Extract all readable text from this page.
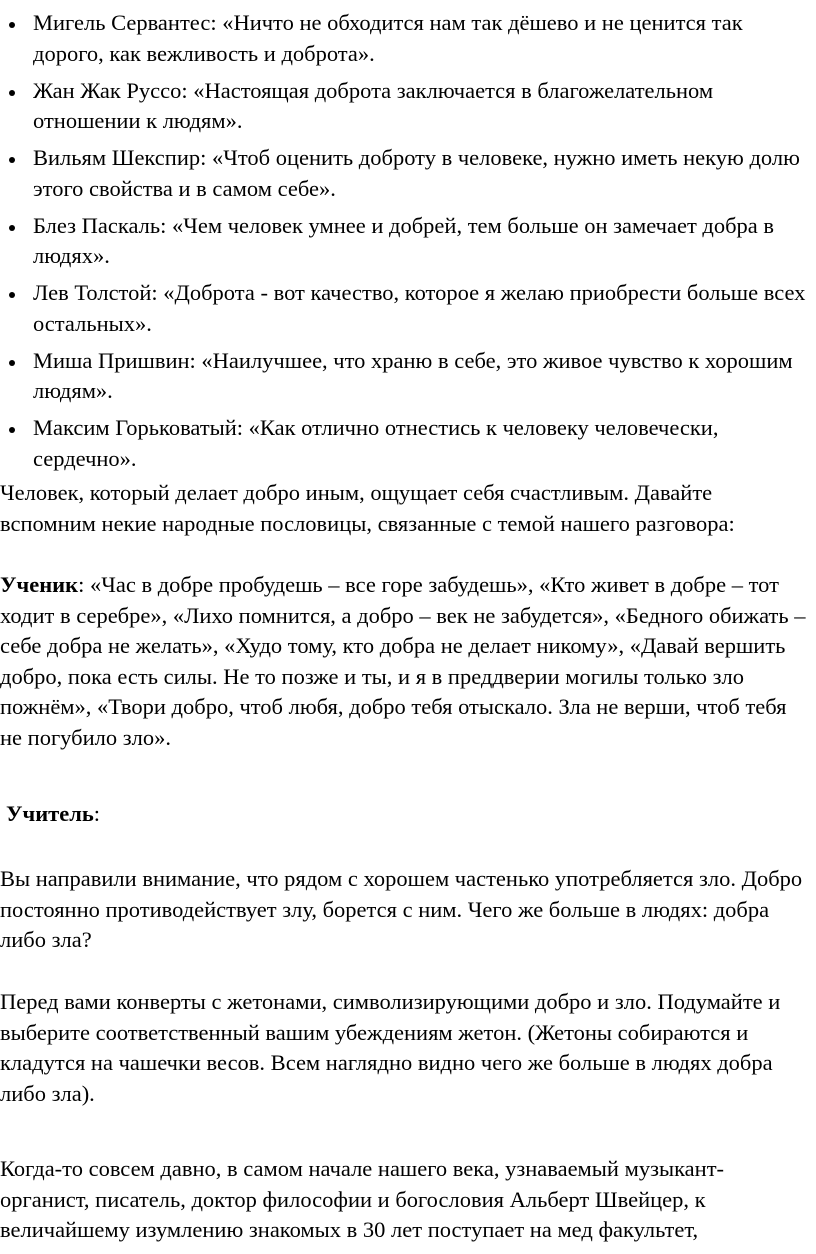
Мигель Сервантес: «Ничто не обходится нам так дёшево и не ценится так дорого, как вежливость и доброта».
Жан Жак Руссо: «Настоящая доброта заключается в благожелательном отношении к людям».
Вильям Шекспир: «Чтоб оценить доброту в человеке, нужно иметь некую долю этого свойства и в самом себе».
Блез Паскаль: «Чем человек умнее и добрей, тем больше он замечает добра в людях».
Лев Толстой: «Доброта - вот качество, которое я желаю приобрести больше всех остальных».
Миша Пришвин: «Наилучшее, что храню в себе, это живое чувство к хорошим людям».
Максим Горьковатый: «Как отлично отнестись к человеку человечески, сердечно».

Человек, который делает добро иным, ощущает себя счастливым. Давайте вспомним некие народные пословицы, связанные с темой нашего разговора:

Ученик: «Час в добре пробудешь – все горе забудешь», «Кто живет в добре – тот ходит в серебре», «Лихо помнится, а добро – век не забудется», «Бедного обижать – себе добра не желать», «Худо тому, кто добра не делает никому», «Давай вершить добро, пока есть силы. Не то позже и ты, и я в преддверии могилы только зло пожнём», «Твори добро, чтоб любя, добро тебя отыскало. Зла не верши, чтоб тебя не погубило зло».

Учитель:

Вы направили внимание, что рядом с хорошем частенько употребляется зло. Добро постоянно противодействует злу, борется с ним. Чего же больше в людях: добра либо зла?

Перед вами конверты с жетонами, символизирующими добро и зло. Подумайте и выберите соответственный вашим убеждениям жетон. (Жетоны собираются и кладутся на чашечки весов. Всем наглядно видно чего же больше в людях добра либо зла).

Когда-то совсем давно, в самом начале нашего века, узнаваемый музыкант-органист, писатель, доктор философии и богословия Альберт Швейцер, к величайшему изумлению знакомых в 30 лет поступает на мед факультет,
